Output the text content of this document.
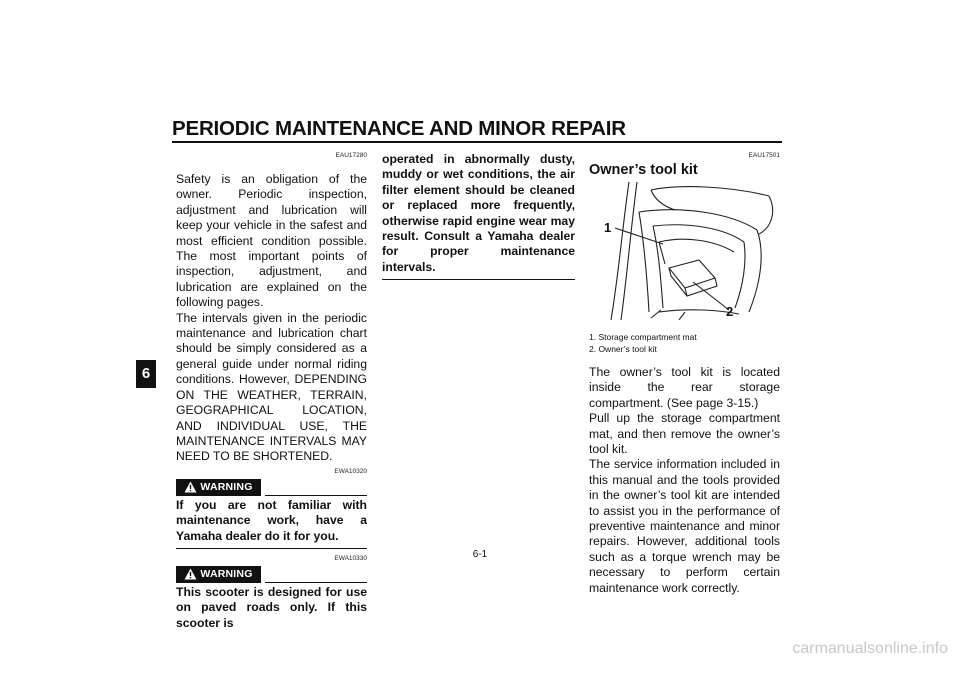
PERIODIC MAINTENANCE AND MINOR REPAIR
6
EAU17280

Safety is an obligation of the owner. Periodic inspection, adjustment and lubrication will keep your vehicle in the safest and most efficient condition possible. The most important points of inspection, adjustment, and lubrication are explained on the following pages.

The intervals given in the periodic maintenance and lubrication chart should be simply considered as a general guide under normal riding conditions. However, DEPENDING ON THE WEATHER, TERRAIN, GEOGRAPHICAL LOCATION, AND INDIVIDUAL USE, THE MAINTENANCE INTERVALS MAY NEED TO BE SHORTENED.

EWA10320
WARNING

If you are not familiar with maintenance work, have a Yamaha dealer do it for you.

EWA10330
WARNING

This scooter is designed for use on paved roads only. If this scooter is

operated in abnormally dusty, muddy or wet conditions, the air filter element should be cleaned or replaced more frequently, otherwise rapid engine wear may result. Consult a Yamaha dealer for proper maintenance intervals.

EAU17501
Owner’s tool kit
1
2
1. Storage compartment mat
2. Owner’s tool kit

The owner’s tool kit is located inside the rear storage compartment. (See page 3-15.)

Pull up the storage compartment mat, and then remove the owner’s tool kit.

The service information included in this manual and the tools provided in the owner’s tool kit are intended to assist you in the performance of preventive maintenance and minor repairs. However, additional tools such as a torque wrench may be necessary to perform certain maintenance work correctly.

6-1
carmanualsonline.info
